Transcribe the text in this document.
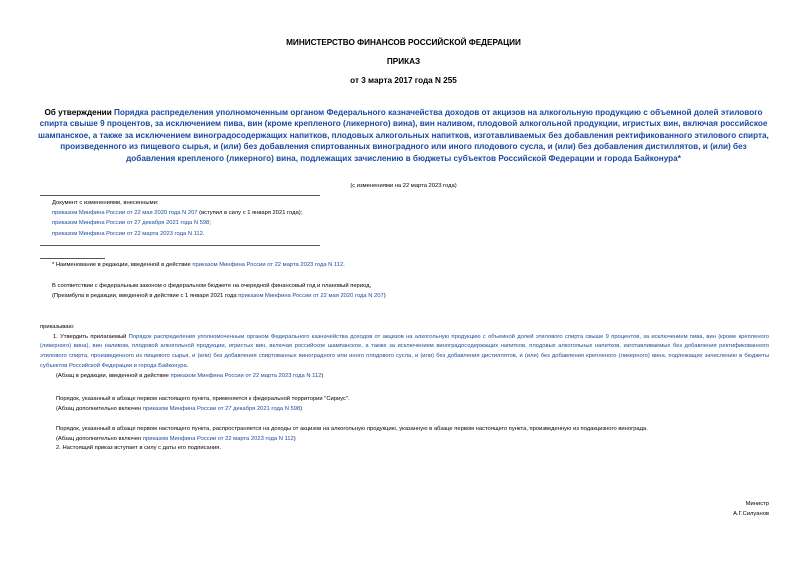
МИНИСТЕРСТВО ФИНАНСОВ РОССИЙСКОЙ ФЕДЕРАЦИИ
ПРИКАЗ
от 3 марта 2017 года N 255
Об утверждении Порядка распределения уполномоченным органом Федерального казначейства доходов от акцизов на алкогольную продукцию с объемной долей этилового спирта свыше 9 процентов, за исключением пива, вин (кроме крепленого (ликерного) вина), вин наливом, плодовой алкогольной продукции, игристых вин, включая российское шампанское, а также за исключением виноградосодержащих напитков, плодовых алкогольных напитков, изготавливаемых без добавления ректификованного этилового спирта, произведенного из пищевого сырья, и (или) без добавления спиртованных виноградного или иного плодового сусла, и (или) без добавления дистиллятов, и (или) без добавления крепленого (ликерного) вина, подлежащих зачислению в бюджеты субъектов Российской Федерации и города Байконура*
(с изменениями на 22 марта 2023 года)
Документ с изменениями, внесенными:
приказом Минфина России от 22 мая 2020 года N 207 (вступил в силу с 1 января 2021 года);
приказом Минфина России от 27 декабря 2021 года N 598;
приказом Минфина России от 22 марта 2023 года N 112.
* Наименование в редакции, введенной в действие приказом Минфина России от 22 марта 2023 года N 112.
В соответствии с федеральным законом о федеральном бюджете на очередной финансовый год и плановый период,
(Преамбула в редакции, введенной в действие с 1 января 2021 года приказом Минфина России от 22 мая 2020 года N 207)
приказываю:
1. Утвердить прилагаемый Порядок распределения уполномоченным органом Федерального казначейства доходов от акцизов на алкогольную продукцию с объемной долей этилового спирта свыше 9 процентов, за исключением пива, вин (кроме крепленого (ликерного) вина), вин наливом, плодовой алкогольной продукции, игристых вин, включая российское шампанское, а также за исключением виноградосодержащих напитков, плодовых алкогольных напитков, изготавливаемых без добавления ректификованного этилового спирта, произведенного из пищевого сырья, и (или) без добавления спиртованных виноградного или иного плодового сусла, и (или) без добавления дистиллятов, и (или) без добавления крепленого (ликерного) вина, подлежащих зачислению в бюджеты субъектов Российской Федерации и города Байконура.
(Абзац в редакции, введенной в действие приказом Минфина России от 22 марта 2023 года N 112)
Порядок, указанный в абзаце первом настоящего пункта, применяется к федеральной территории "Сириус".
(Абзац дополнительно включен приказом Минфина России от 27 декабря 2021 года N 598)
Порядок, указанный в абзаце первом настоящего пункта, распространяется на доходы от акцизов на алкогольную продукцию, указанную в абзаце первом настоящего пункта, произведенную из подакцизного винограда.
(Абзац дополнительно включен приказом Минфина России от 22 марта 2023 года N 112)
2. Настоящий приказ вступает в силу с даты его подписания.
Министр
А.Г.Силуанов
